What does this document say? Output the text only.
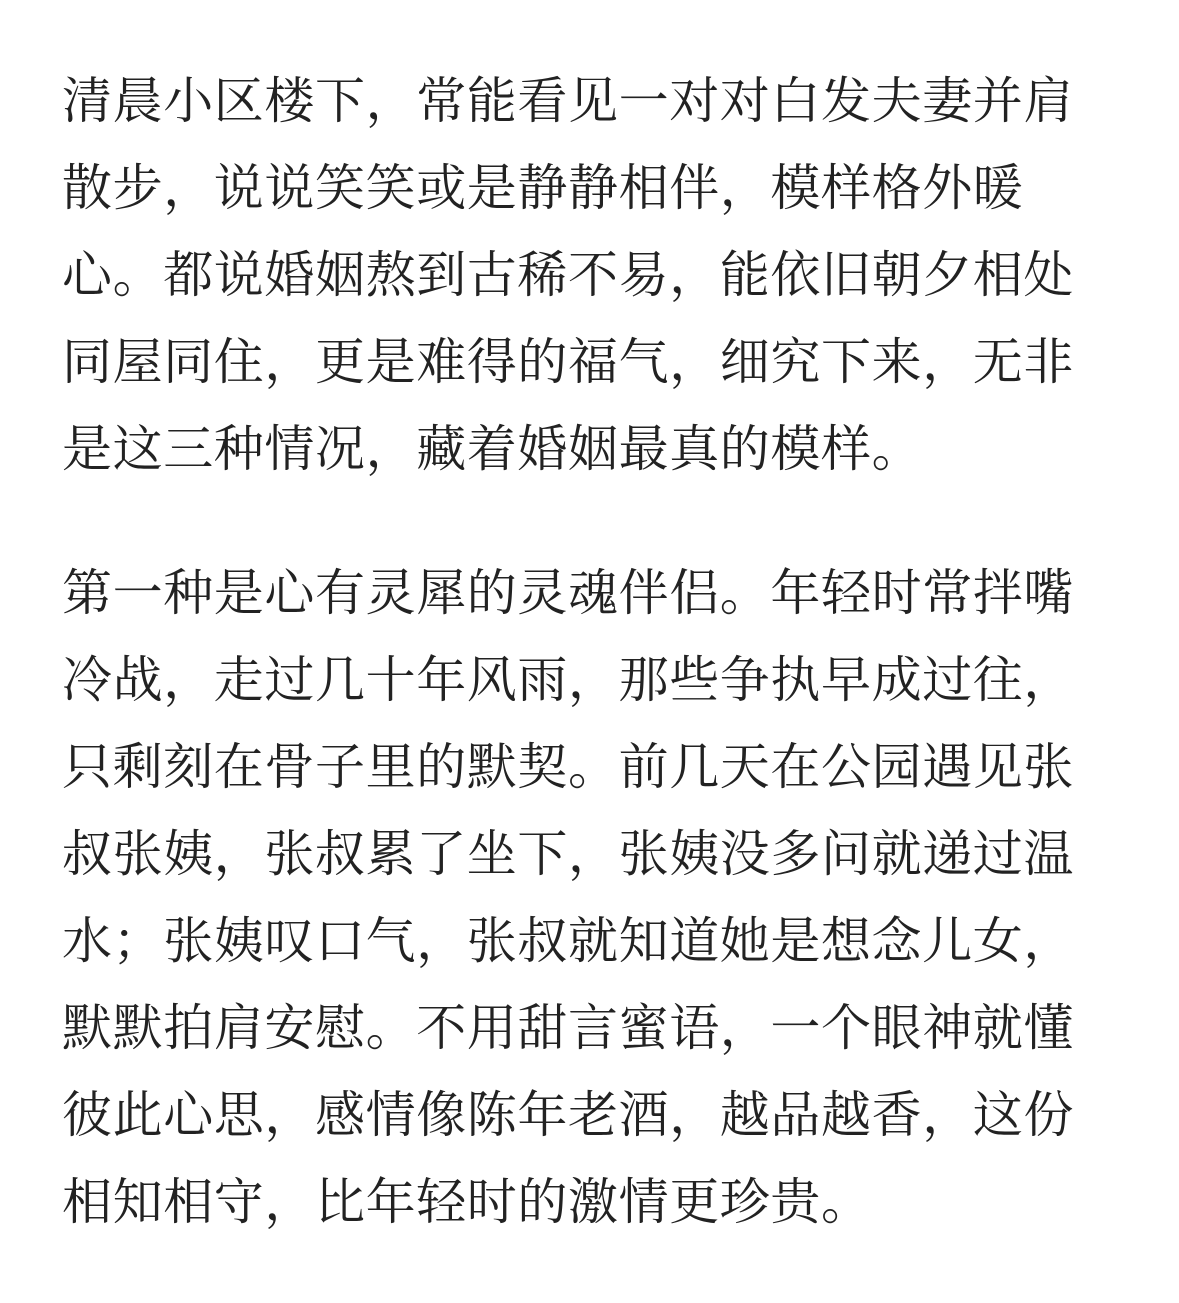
清晨小区楼下，常能看见一对对白发夫妻并肩
散步，说说笑笑或是静静相伴，模样格外暖
心。都说婚姻熬到古稀不易，能依旧朝夕相处
同屋同住，更是难得的福气，细究下来，无非
是这三种情况，藏着婚姻最真的模样。

第一种是心有灵犀的灵魂伴侣。年轻时常拌嘴
冷战，走过几十年风雨，那些争执早成过往，
只剩刻在骨子里的默契。前几天在公园遇见张
叔张姨，张叔累了坐下，张姨没多问就递过温
水；张姨叹口气，张叔就知道她是想念儿女，
默默拍肩安慰。不用甜言蜜语，一个眼神就懂
彼此心思，感情像陈年老酒，越品越香，这份
相知相守，比年轻时的激情更珍贵。
